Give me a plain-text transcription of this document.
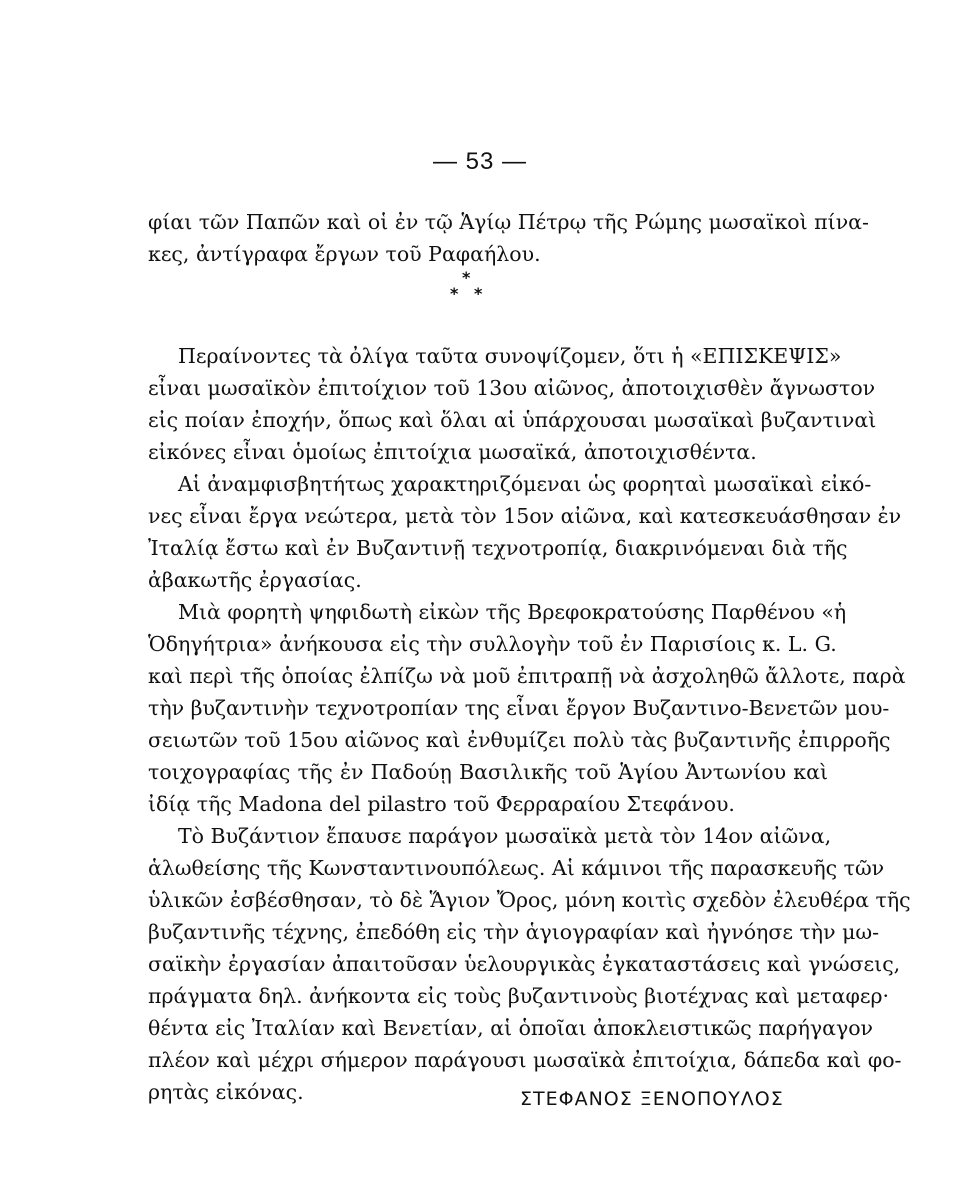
— 53 —
φίαι τῶν Παπῶν καὶ οἱ ἐν τῷ Ἁγίῳ Πέτρῳ τῆς Ρώμης μωσαϊκοὶ πίνα-
κες, ἀντίγραφα ἔργων τοῦ Ραφαήλου.
*
* *
Περαίνοντες τὰ ὀλίγα ταῦτα συνοψίζομεν, ὅτι ἡ «ΕΠΙΣΚΕΨΙΣ»
εἶναι μωσαϊκὸν ἐπιτοίχιον τοῦ 13ου αἰῶνος, ἀποτοιχισθὲν ἄγνωστον
εἰς ποίαν ἐποχήν, ὅπως καὶ ὅλαι αἱ ὑπάρχουσαι μωσαϊκαὶ βυζαντιναὶ
εἰκόνες εἶναι ὁμοίως ἐπιτοίχια μωσαϊκά, ἀποτοιχισθέντα.
Αἱ ἀναμφισβητήτως χαρακτηριζόμεναι ὡς φορηταὶ μωσαϊκαὶ εἰκό-
νες εἶναι ἔργα νεώτερα, μετὰ τὸν 15ον αἰῶνα, καὶ κατεσκευάσθησαν ἐν
Ἰταλίᾳ ἔστω καὶ ἐν Βυζαντινῇ τεχνοτροπίᾳ, διακρινόμεναι διὰ τῆς
ἀβακωτῆς ἐργασίας.
Μιὰ φορητὴ ψηφιδωτὴ εἰκὼν τῆς Βρεφοκρατούσης Παρθένου «ἡ
Ὁδηγήτρια» ἀνήκουσα εἰς τὴν συλλογὴν τοῦ ἐν Παρισίοις κ. L. G.
καὶ περὶ τῆς ὁποίας ἐλπίζω νὰ μοῦ ἐπιτραπῇ νὰ ἀσχοληθῶ ἄλλοτε, παρὰ
τὴν βυζαντινὴν τεχνοτροπίαν της εἶναι ἔργον Βυζαντινο-Βενετῶν μου-
σειωτῶν τοῦ 15ου αἰῶνος καὶ ἐνθυμίζει πολὺ τὰς βυζαντινῆς ἐπιρροῆς
τοιχογραφίας τῆς ἐν Παδούῃ Βασιλικῆς τοῦ Ἁγίου Ἀντωνίου καὶ
ἰδίᾳ τῆς Madona del pilastro τοῦ Φερραραίου Στεφάνου.
Τὸ Βυζάντιον ἔπαυσε παράγον μωσαϊκὰ μετὰ τὸν 14ον αἰῶνα,
ἁλωθείσης τῆς Κωνσταντινουπόλεως. Αἱ κάμινοι τῆς παρασκευῆς τῶν
ὑλικῶν ἐσβέσθησαν, τὸ δὲ Ἅγιον Ὄρος, μόνη κοιτὶς σχεδὸν ἐλευθέρα τῆς
βυζαντινῆς τέχνης, ἐπεδόθη εἰς τὴν ἁγιογραφίαν καὶ ἠγνόησε τὴν μω-
σαϊκὴν ἐργασίαν ἀπαιτοῦσαν ὑελουργικὰς ἐγκαταστάσεις καὶ γνώσεις,
πράγματα δηλ. ἀνήκοντα εἰς τοὺς βυζαντινοὺς βιοτέχνας καὶ μεταφερ·
θέντα εἰς Ἰταλίαν καὶ Βενετίαν, αἱ ὁποῖαι ἀποκλειστικῶς παρήγαγον
πλέον καὶ μέχρι σήμερον παράγουσι μωσαϊκὰ ἐπιτοίχια, δάπεδα καὶ φο-
ρητὰς εἰκόνας.	ΣΤΕΦΑΝΟΣ ΞΕΝΟΠΟΥΛΟΣ
